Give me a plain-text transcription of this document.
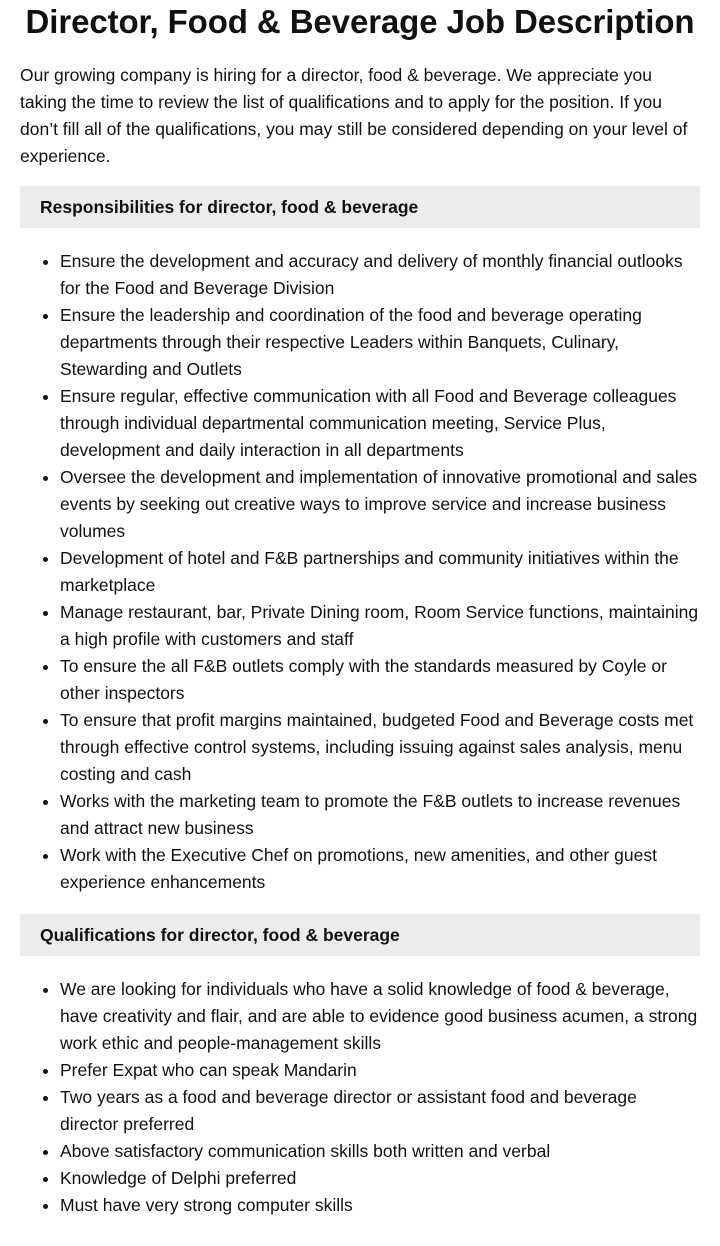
Director, Food & Beverage Job Description

Our growing company is hiring for a director, food & beverage. We appreciate you taking the time to review the list of qualifications and to apply for the position. If you don’t fill all of the qualifications, you may still be considered depending on your level of experience.

Responsibilities for director, food & beverage
• Ensure the development and accuracy and delivery of monthly financial outlooks for the Food and Beverage Division
• Ensure the leadership and coordination of the food and beverage operating departments through their respective Leaders within Banquets, Culinary, Stewarding and Outlets
• Ensure regular, effective communication with all Food and Beverage colleagues through individual departmental communication meeting, Service Plus, development and daily interaction in all departments
• Oversee the development and implementation of innovative promotional and sales events by seeking out creative ways to improve service and increase business volumes
• Development of hotel and F&B partnerships and community initiatives within the marketplace
• Manage restaurant, bar, Private Dining room, Room Service functions, maintaining a high profile with customers and staff
• To ensure the all F&B outlets comply with the standards measured by Coyle or other inspectors
• To ensure that profit margins maintained, budgeted Food and Beverage costs met through effective control systems, including issuing against sales analysis, menu costing and cash
• Works with the marketing team to promote the F&B outlets to increase revenues and attract new business
• Work with the Executive Chef on promotions, new amenities, and other guest experience enhancements
Qualifications for director, food & beverage
• We are looking for individuals who have a solid knowledge of food & beverage, have creativity and flair, and are able to evidence good business acumen, a strong work ethic and people-management skills
• Prefer Expat who can speak Mandarin
• Two years as a food and beverage director or assistant food and beverage director preferred
• Above satisfactory communication skills both written and verbal
• Knowledge of Delphi preferred
• Must have very strong computer skills
